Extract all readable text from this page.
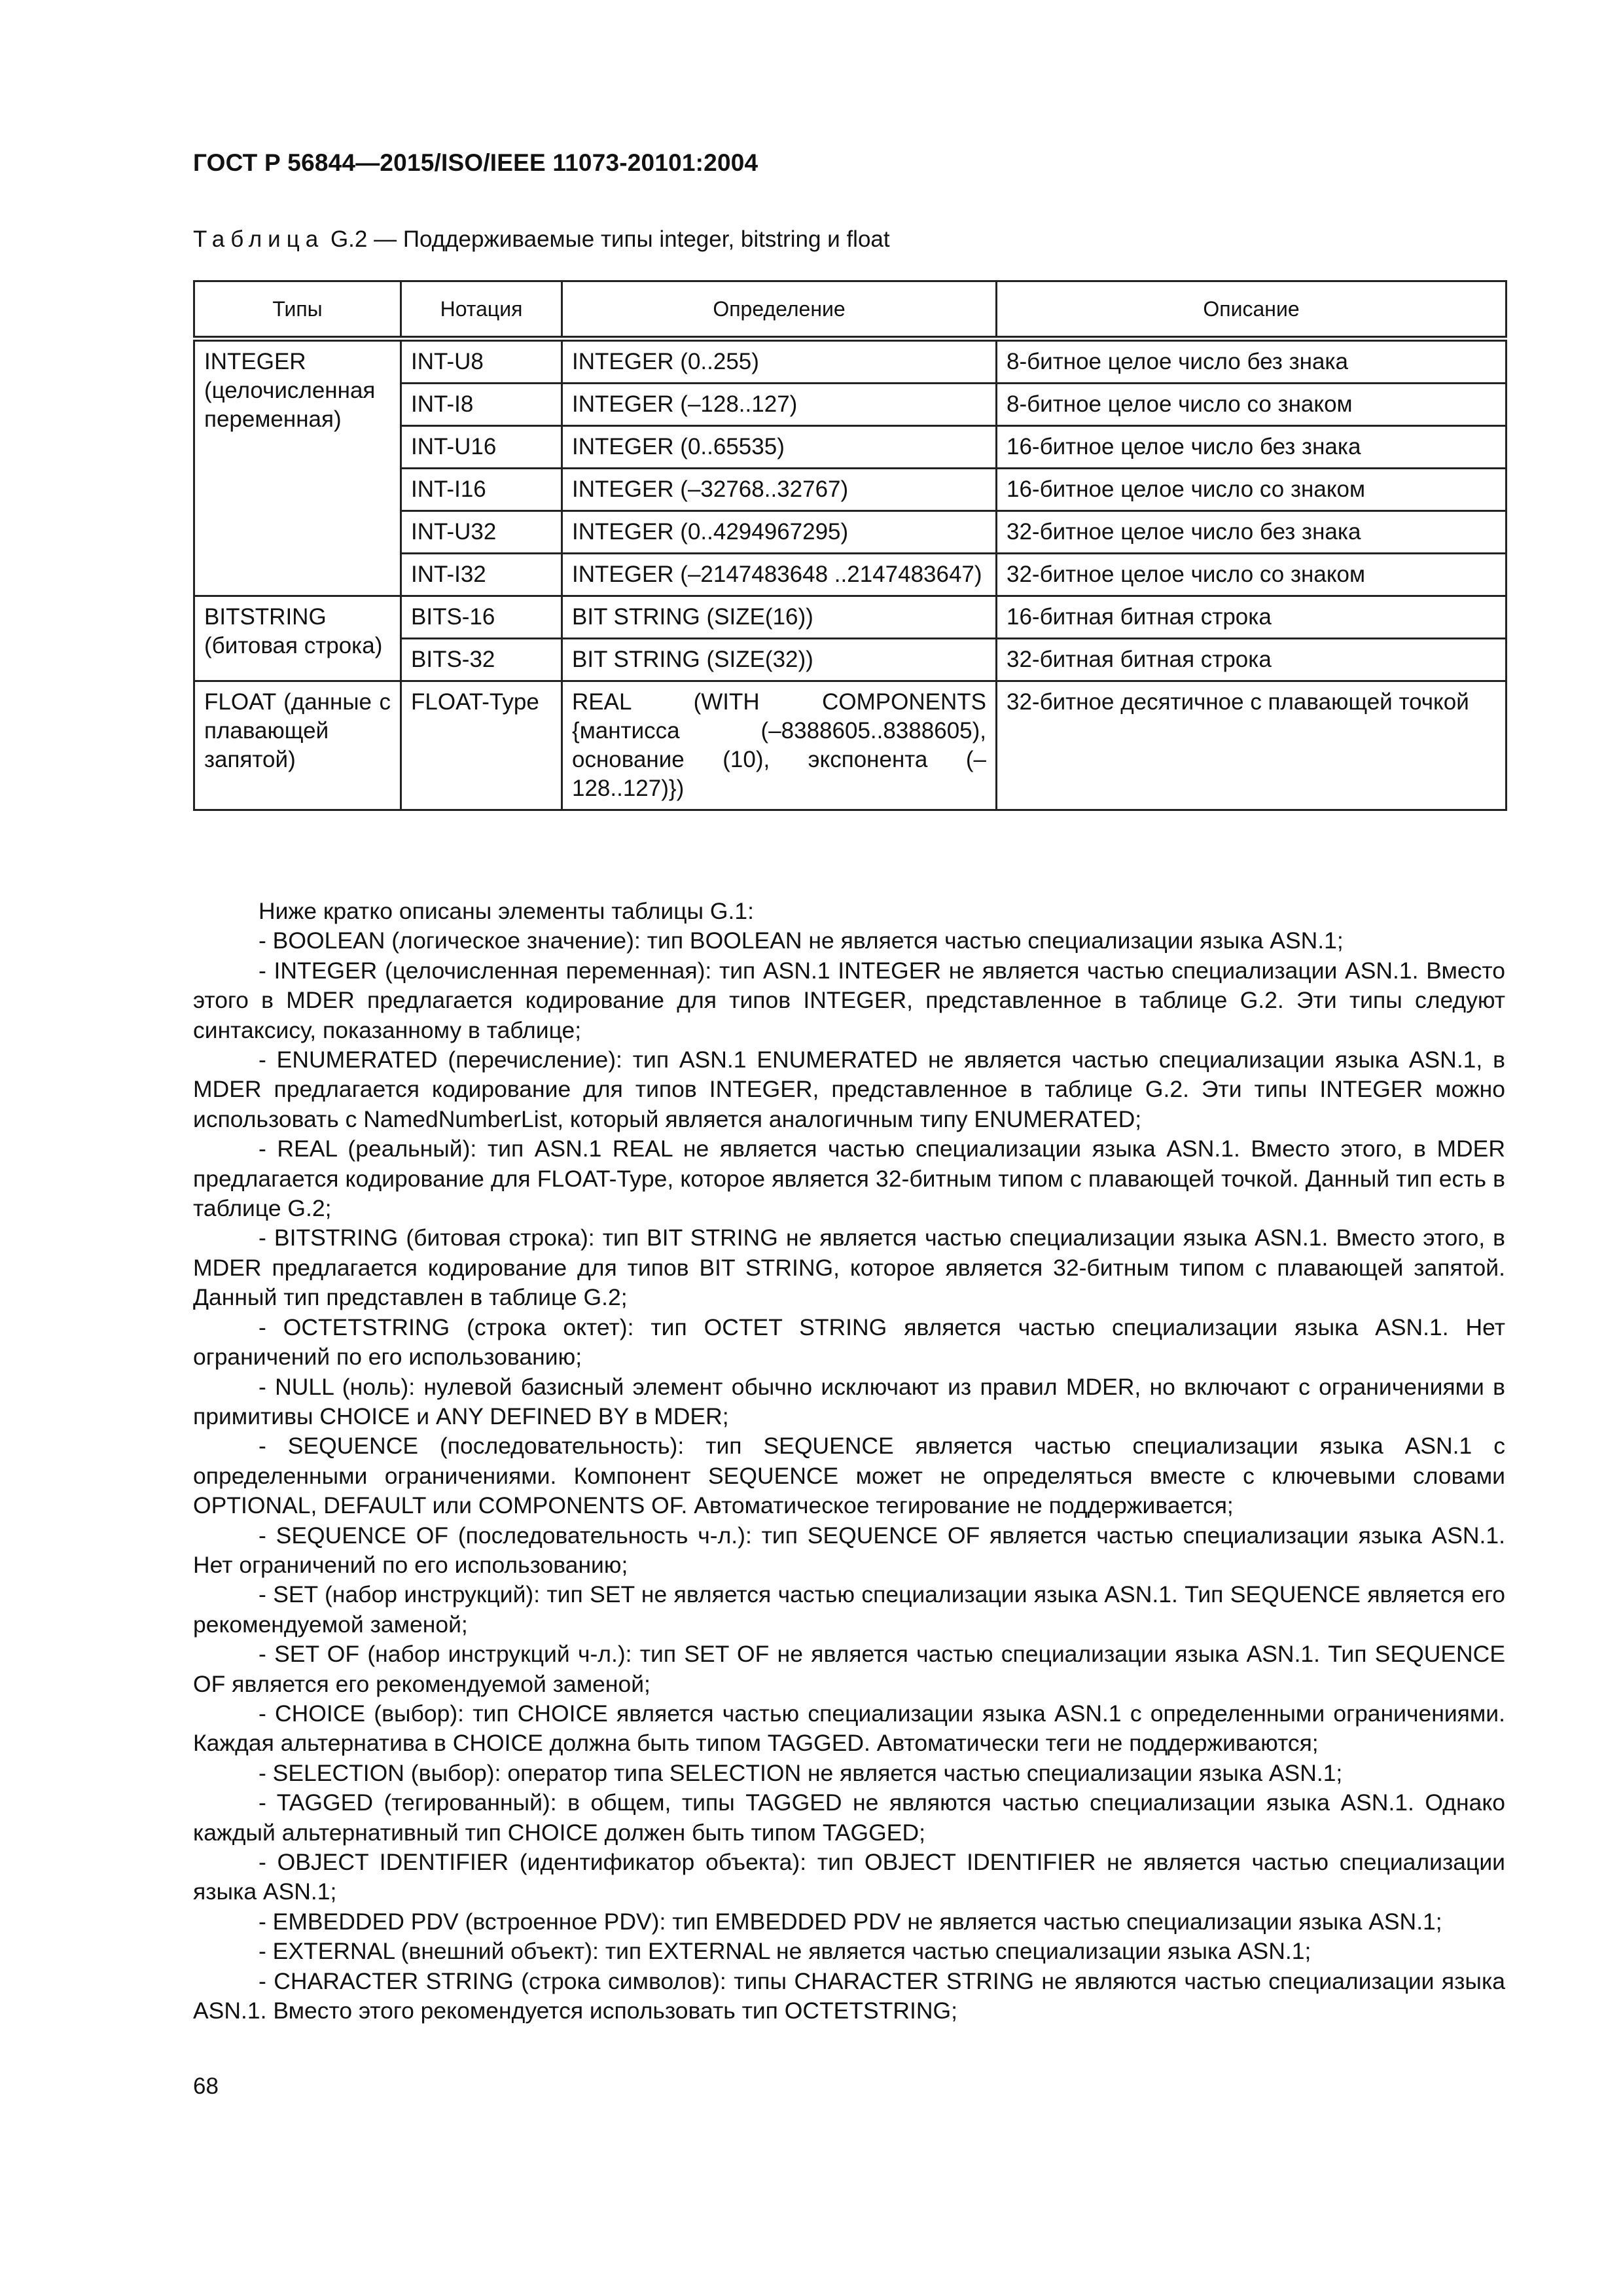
ГОСТ Р 56844—2015/ISO/IEEE 11073-20101:2004
Таблица G.2 — Поддерживаемые типы integer, bitstring и float
Типы	Нотация	Определение	Описание
INTEGER (целочисленная переменная)	INT-U8	INTEGER (0..255)	8-битное целое число без знака
	INT-I8	INTEGER (–128..127)	8-битное целое число со знаком
	INT-U16	INTEGER (0..65535)	16-битное целое число без знака
	INT-I16	INTEGER (–32768..32767)	16-битное целое число со знаком
	INT-U32	INTEGER (0..4294967295)	32-битное целое число без знака
	INT-I32	INTEGER (–2147483648 ..2147483647)	32-битное целое число со знаком
BITSTRING (битовая строка)	BITS-16	BIT STRING (SIZE(16))	16-битная битная строка
	BITS-32	BIT STRING (SIZE(32))	32-битная битная строка
FLOAT (данные с плавающей запятой)	FLOAT-Type	REAL (WITH COMPONENTS {мантисса (–8388605..8388605), основание (10), экспонента (–128..127)})	32-битное десятичное с плавающей точкой

Ниже кратко описаны элементы таблицы G.1:

- BOOLEAN (логическое значение): тип BOOLEAN не является частью специализации языка ASN.1;

- INTEGER (целочисленная переменная): тип ASN.1 INTEGER не является частью специализации ASN.1. Вместо этого в MDER предлагается кодирование для типов INTEGER, представленное в таблице G.2. Эти типы следуют синтаксису, показанному в таблице;

- ENUMERATED (перечисление): тип ASN.1 ENUMERATED не является частью специализации языка ASN.1, в MDER предлагается кодирование для типов INTEGER, представленное в таблице G.2. Эти типы INTEGER можно использовать с NamedNumberList, который является аналогичным типу ENUMERATED;

- REAL (реальный): тип ASN.1 REAL не является частью специализации языка ASN.1. Вместо этого, в MDER предлагается кодирование для FLOAT-Type, которое является 32-битным типом с плавающей точкой. Данный тип есть в таблице G.2;

- BITSTRING (битовая строка): тип BIT STRING не является частью специализации языка ASN.1. Вместо этого, в MDER предлагается кодирование для типов BIT STRING, которое является 32-битным типом с плавающей запятой. Данный тип представлен в таблице G.2;

- OCTETSTRING (строка октет): тип OCTET STRING является частью специализации языка ASN.1. Нет ограничений по его использованию;

- NULL (ноль): нулевой базисный элемент обычно исключают из правил MDER, но включают с ограничениями в примитивы CHOICE и ANY DEFINED BY в MDER;

- SEQUENCE (последовательность): тип SEQUENCE является частью специализации языка ASN.1 с определенными ограничениями. Компонент SEQUENCE может не определяться вместе с ключевыми словами OPTIONAL, DEFAULT или COMPONENTS OF. Автоматическое тегирование не поддерживается;

- SEQUENCE OF (последовательность ч-л.): тип SEQUENCE OF является частью специализации языка ASN.1. Нет ограничений по его использованию;

- SET (набор инструкций): тип SET не является частью специализации языка ASN.1. Тип SEQUENCE является его рекомендуемой заменой;

- SET OF (набор инструкций ч-л.): тип SET OF не является частью специализации языка ASN.1. Тип SEQUENCE OF является его рекомендуемой заменой;

- CHOICE (выбор): тип CHOICE является частью специализации языка ASN.1 с определенными ограничениями. Каждая альтернатива в CHOICE должна быть типом TAGGED. Автоматически теги не поддерживаются;

- SELECTION (выбор): оператор типа SELECTION не является частью специализации языка ASN.1;

- TAGGED (тегированный): в общем, типы TAGGED не являются частью специализации языка ASN.1. Однако каждый альтернативный тип CHOICE должен быть типом TAGGED;

- OBJECT IDENTIFIER (идентификатор объекта): тип OBJECT IDENTIFIER не является частью специализации языка ASN.1;

- EMBEDDED PDV (встроенное PDV): тип EMBEDDED PDV не является частью специализации языка ASN.1;

- EXTERNAL (внешний объект): тип EXTERNAL не является частью специализации языка ASN.1;

- CHARACTER STRING (строка символов): типы CHARACTER STRING не являются частью специализации языка ASN.1. Вместо этого рекомендуется использовать тип OCTETSTRING;

68
